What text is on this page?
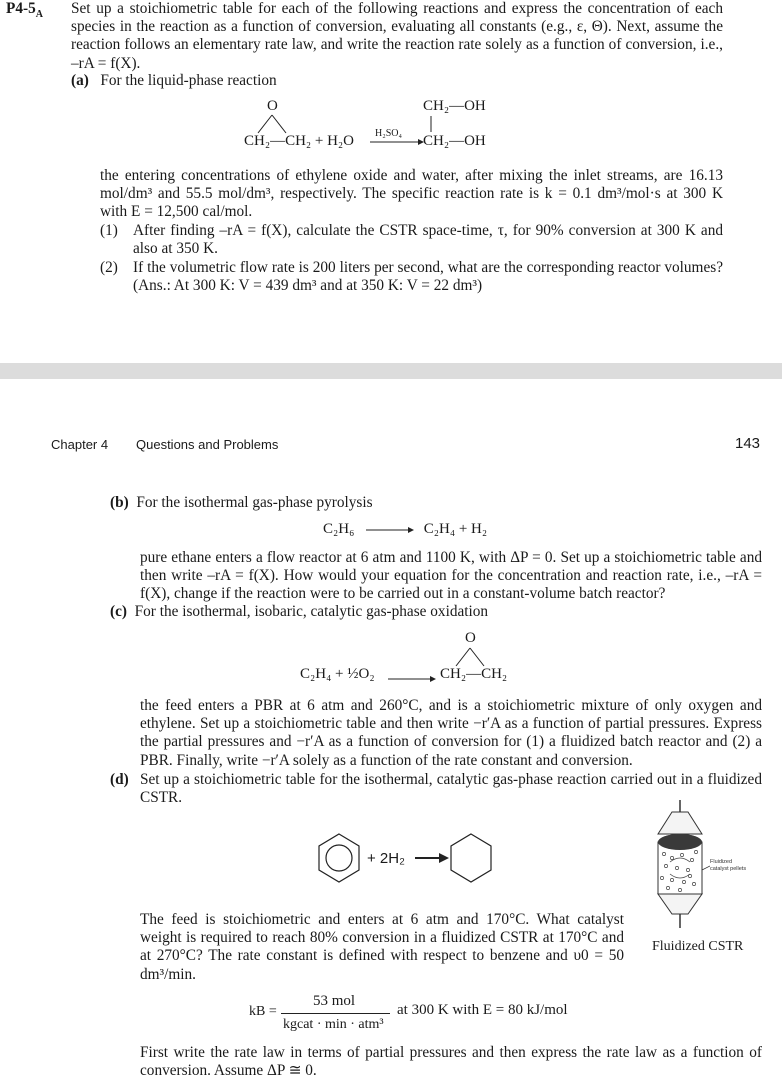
$P4-5_A$ Set up a stoichiometric table for each of the following reactions and express the concentration of each species in the reaction as a function of conversion, evaluating all constants (e.g., ε, Θ). Next, assume the reaction follows an elementary rate law, and write the reaction rate solely as a function of conversion, i.e., –rA = f(X).
(a) For the liquid-phase reaction
O
CH₂—CH₂ + H₂O H₂SO₄
CH₂—OH
CH₂—OH
the entering concentrations of ethylene oxide and water, after mixing the inlet streams, are 16.13 mol/dm³ and 55.5 mol/dm³, respectively. The specific reaction rate is k = 0.1 dm³/mol·s at 300 K with E = 12,500 cal/mol.
(1) After finding –rA = f(X), calculate the CSTR space-time, τ, for 90% conversion at 300 K and also at 350 K.
(2) If the volumetric flow rate is 200 liters per second, what are the corresponding reactor volumes? (Ans.: At 300 K: V = 439 dm³ and at 350 K: V = 22 dm³)
Chapter 4 Questions and Problems	143
(b) For the isothermal gas-phase pyrolysis
C₂H₆ → C₂H₄ + H₂
pure ethane enters a flow reactor at 6 atm and 1100 K, with ΔP = 0. Set up a stoichiometric table and then write –rA = f(X). How would your equation for the concentration and reaction rate, i.e., –rA = f(X), change if the reaction were to be carried out in a constant-volume batch reactor?
(c) For the isothermal, isobaric, catalytic gas-phase oxidation
C₂H₄ + ½O₂ →
O
CH₂—CH₂
the feed enters a PBR at 6 atm and 260°C, and is a stoichiometric mixture of only oxygen and ethylene. Set up a stoichiometric table and then write −r′A as a function of partial pressures. Express the partial pressures and −r′A as a function of conversion for (1) a fluidized batch reactor and (2) a PBR. Finally, write −r′A solely as a function of the rate constant and conversion.
(d) Set up a stoichiometric table for the isothermal, catalytic gas-phase reaction carried out in a fluidized CSTR.
+ 2H₂ →	Fluidized catalyst pellets
Fluidized CSTR
The feed is stoichiometric and enters at 6 atm and 170°C. What catalyst weight is required to reach 80% conversion in a fluidized CSTR at 170°C and at 270°C? The rate constant is defined with respect to benzene and υ0 = 50 dm³/min.
kB =
53 mol
kgcat · min · atm³
at 300 K with E = 80 kJ/mol
First write the rate law in terms of partial pressures and then express the rate law as a function of conversion. Assume ΔP ≅ 0.
